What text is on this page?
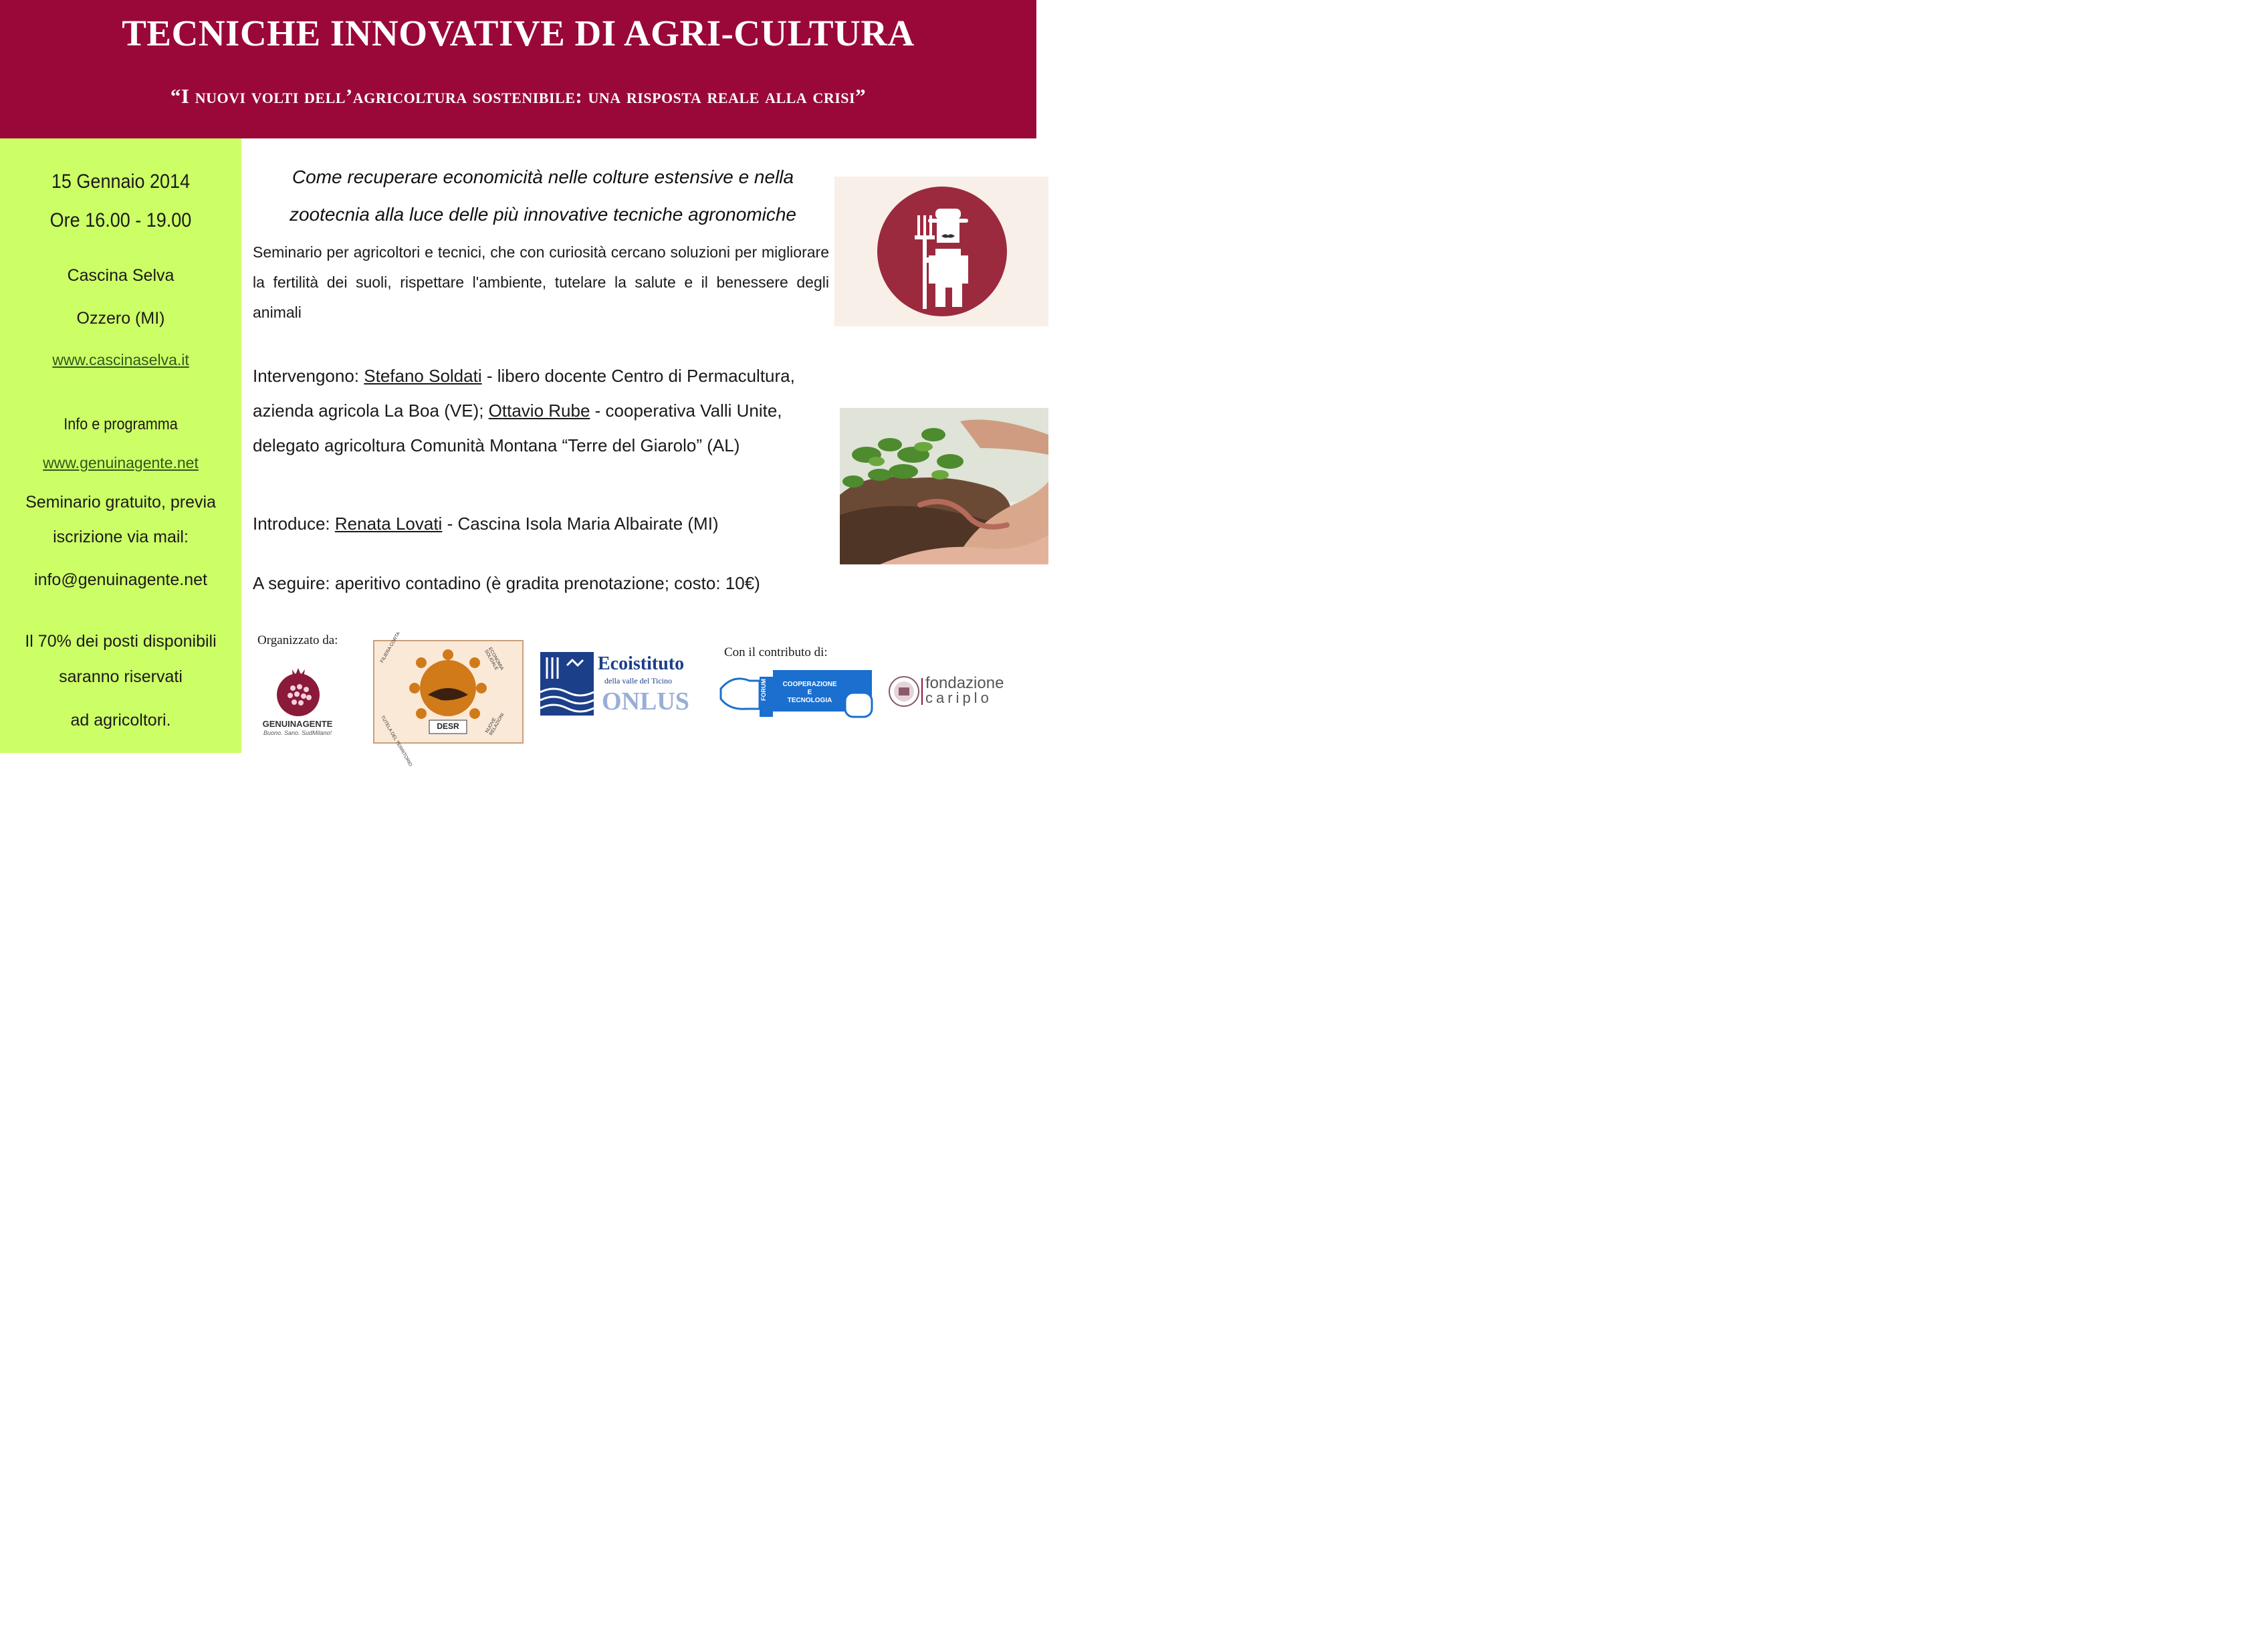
TECNICHE INNOVATIVE DI AGRI-CULTURA
“I nuovi volti dell’agricoltura sostenibile: una risposta reale alla crisi”
15 Gennaio 2014
Ore 16.00 - 19.00
Cascina Selva
Ozzero (MI)
www.cascinaselva.it
Info e programma
www.genuinagente.net
Seminario gratuito, previa
iscrizione via mail:
info@genuinagente.net
Il 70% dei posti disponibili
saranno riservati
ad agricoltori.
Come recuperare economicità nelle colture estensive e nella zootecnia alla luce delle più innovative tecniche agronomiche
Seminario per agricoltori e tecnici, che con curiosità cercano soluzioni per migliorare la fertilità dei suoli, rispettare l'ambiente, tutelare la salute e il benessere degli animali
Intervengono: Stefano Soldati - libero docente Centro di Permacultura, azienda agricola La Boa (VE); Ottavio Rube - cooperativa Valli Unite, delegato agricoltura Comunità Montana “Terre del Giarolo” (AL)
Introduce: Renata Lovati - Cascina Isola Maria Albairate (MI)
A seguire: aperitivo contadino (è gradita prenotazione; costo: 10€)
Organizzato da:
Con il contributo di:
GENUINAGENTE
Buono. Sano. SudMilano!
DESR
FILIERA CORTA	ECONOMIA SOLIDALE
TUTELA DEL TERRITORIO	NUOVE RELAZIONI
Ecoistituto
della valle del Ticino
ONLUS	FORUM	COOPERAZIONE
E
TECNOLOGIA
fondazione
cariplo
